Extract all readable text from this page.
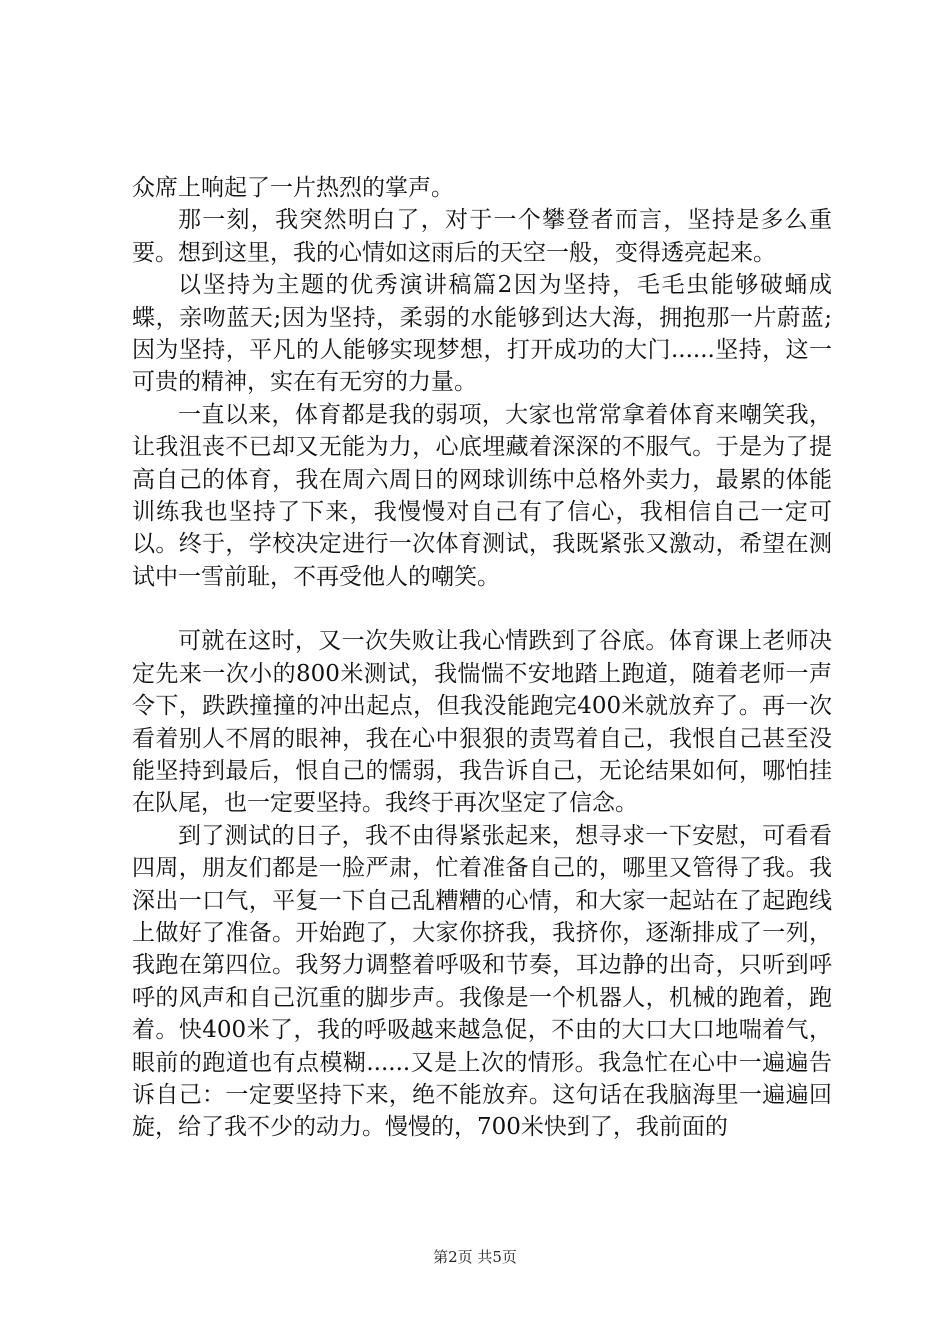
众席上响起了一片热烈的掌声。

那一刻，我突然明白了，对于一个攀登者而言，坚持是多么重要。想到这里，我的心情如这雨后的天空一般，变得透亮起来。

以坚持为主题的优秀演讲稿篇2因为坚持，毛毛虫能够破蛹成蝶，亲吻蓝天;因为坚持，柔弱的水能够到达大海，拥抱那一片蔚蓝;因为坚持，平凡的人能够实现梦想，打开成功的大门......坚持，这一可贵的精神，实在有无穷的力量。

一直以来，体育都是我的弱项，大家也常常拿着体育来嘲笑我，让我沮丧不已却又无能为力，心底埋藏着深深的不服气。于是为了提高自己的体育，我在周六周日的网球训练中总格外卖力，最累的体能训练我也坚持了下来，我慢慢对自己有了信心，我相信自己一定可以。终于，学校决定进行一次体育测试，我既紧张又激动，希望在测试中一雪前耻，不再受他人的嘲笑。

可就在这时，又一次失败让我心情跌到了谷底。体育课上老师决定先来一次小的800米测试，我惴惴不安地踏上跑道，随着老师一声令下，跌跌撞撞的冲出起点，但我没能跑完400米就放弃了。再一次看着别人不屑的眼神，我在心中狠狠的责骂着自己，我恨自己甚至没能坚持到最后，恨自己的懦弱，我告诉自己，无论结果如何，哪怕挂在队尾，也一定要坚持。我终于再次坚定了信念。

到了测试的日子，我不由得紧张起来，想寻求一下安慰，可看看四周，朋友们都是一脸严肃，忙着准备自己的，哪里又管得了我。我深出一口气，平复一下自己乱糟糟的心情，和大家一起站在了起跑线上做好了准备。开始跑了，大家你挤我，我挤你，逐渐排成了一列，我跑在第四位。我努力调整着呼吸和节奏，耳边静的出奇，只听到呼呼的风声和自己沉重的脚步声。我像是一个机器人，机械的跑着，跑着。快400米了，我的呼吸越来越急促，不由的大口大口地喘着气，眼前的跑道也有点模糊......又是上次的情形。我急忙在心中一遍遍告诉自己：一定要坚持下来，绝不能放弃。这句话在我脑海里一遍遍回旋，给了我不少的动力。慢慢的，700米快到了，我前面的

第2页 共5页
